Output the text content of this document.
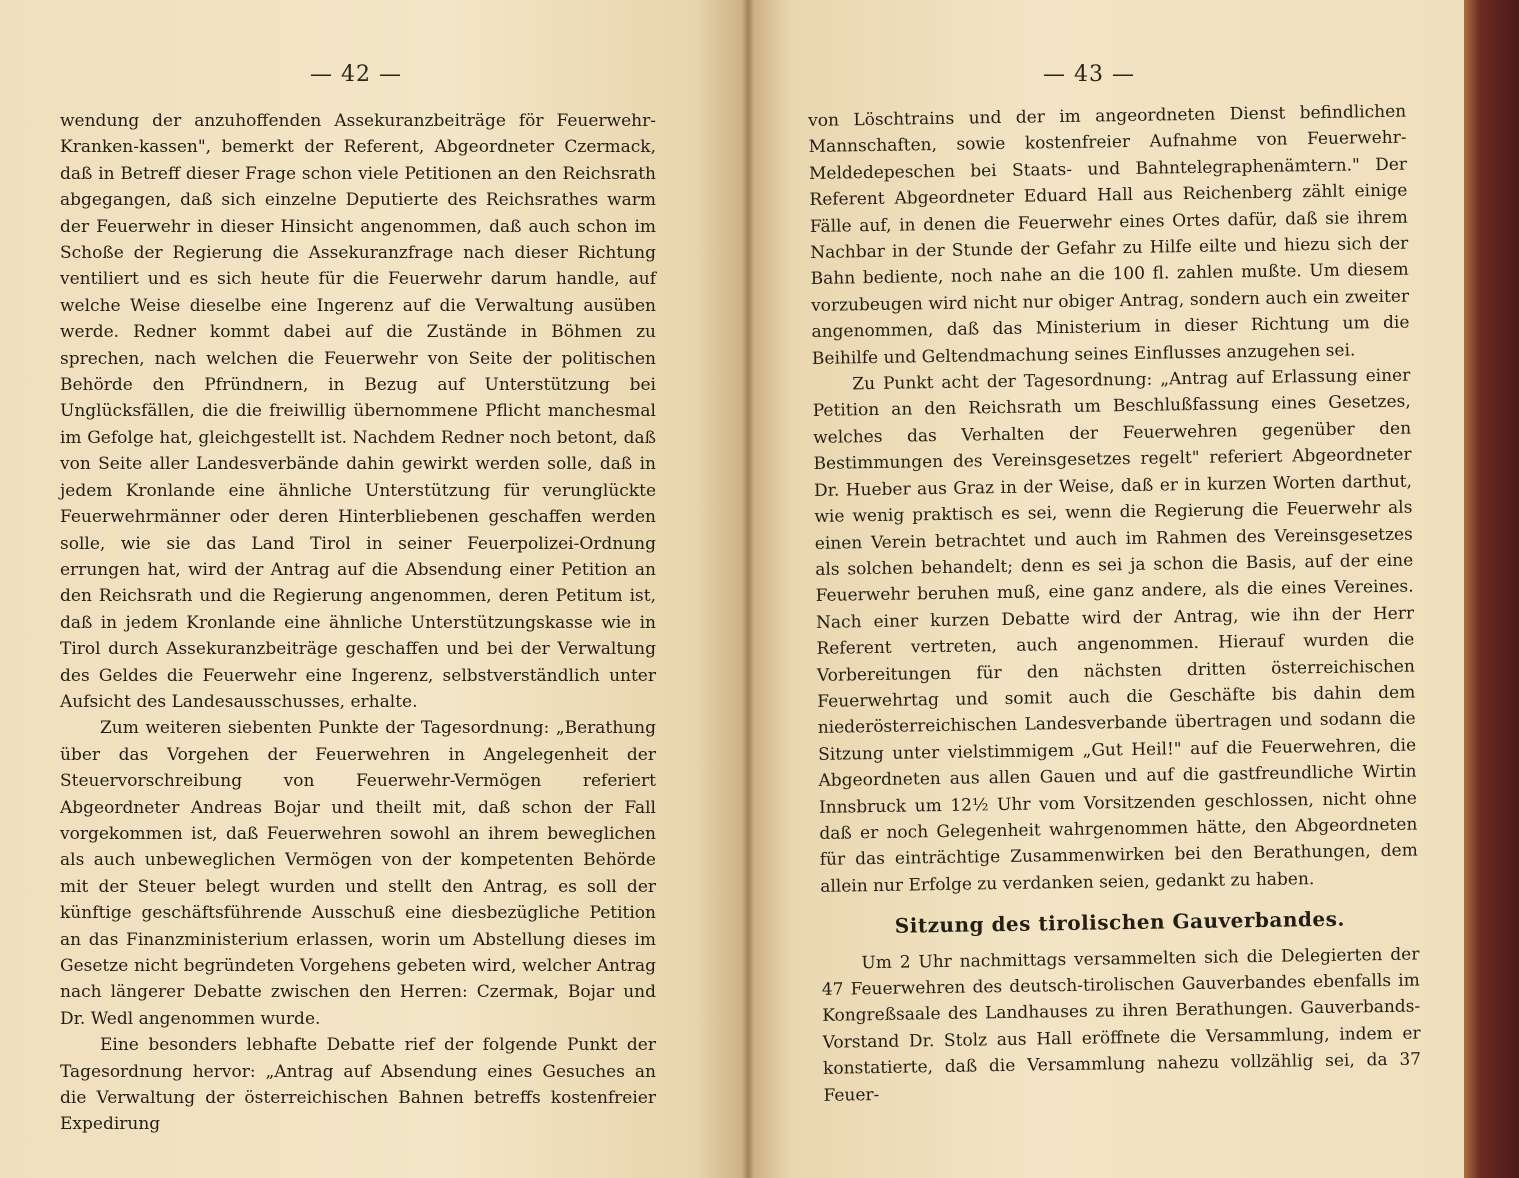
— 42 —

wendung der anzuhoffenden Assekuranzbeiträge för Feuerwehr-Kranken-kassen", bemerkt der Referent, Abgeordneter Czermack, daß in Betreff dieser Frage schon viele Petitionen an den Reichsrath abgegangen, daß sich einzelne Deputierte des Reichsrathes warm der Feuerwehr in dieser Hinsicht angenommen, daß auch schon im Schoße der Regierung die Assekuranzfrage nach dieser Richtung ventiliert und es sich heute für die Feuerwehr darum handle, auf welche Weise dieselbe eine Ingerenz auf die Verwaltung ausüben werde. Redner kommt dabei auf die Zustände in Böhmen zu sprechen, nach welchen die Feuerwehr von Seite der politischen Behörde den Pfründnern, in Bezug auf Unterstützung bei Unglücksfällen, die die freiwillig übernommene Pflicht manchesmal im Gefolge hat, gleichgestellt ist. Nachdem Redner noch betont, daß von Seite aller Landesverbände dahin gewirkt werden solle, daß in jedem Kronlande eine ähnliche Unterstützung für verunglückte Feuerwehrmänner oder deren Hinterbliebenen geschaffen werden solle, wie sie das Land Tirol in seiner Feuerpolizei-Ordnung errungen hat, wird der Antrag auf die Absendung einer Petition an den Reichsrath und die Regierung angenommen, deren Petitum ist, daß in jedem Kronlande eine ähnliche Unterstützungskasse wie in Tirol durch Assekuranzbeiträge geschaffen und bei der Verwaltung des Geldes die Feuerwehr eine Ingerenz, selbstverständlich unter Aufsicht des Landesausschusses, erhalte.

Zum weiteren siebenten Punkte der Tagesordnung: „Berathung über das Vorgehen der Feuerwehren in Angelegenheit der Steuervorschreibung von Feuerwehr-Vermögen referiert Abgeordneter Andreas Bojar und theilt mit, daß schon der Fall vorgekommen ist, daß Feuerwehren sowohl an ihrem beweglichen als auch unbeweglichen Vermögen von der kompetenten Behörde mit der Steuer belegt wurden und stellt den Antrag, es soll der künftige geschäftsführende Ausschuß eine diesbezügliche Petition an das Finanzministerium erlassen, worin um Abstellung dieses im Gesetze nicht begründeten Vorgehens gebeten wird, welcher Antrag nach längerer Debatte zwischen den Herren: Czermak, Bojar und Dr. Wedl angenommen wurde.

Eine besonders lebhafte Debatte rief der folgende Punkt der Tagesordnung hervor: „Antrag auf Absendung eines Gesuches an die Verwaltung der österreichischen Bahnen betreffs kostenfreier Expedirung

— 43 —

von Löschtrains und der im angeordneten Dienst befindlichen Mannschaften, sowie kostenfreier Aufnahme von Feuerwehr-Meldedepeschen bei Staats- und Bahntelegraphenämtern." Der Referent Abgeordneter Eduard Hall aus Reichenberg zählt einige Fälle auf, in denen die Feuerwehr eines Ortes dafür, daß sie ihrem Nachbar in der Stunde der Gefahr zu Hilfe eilte und hiezu sich der Bahn bediente, noch nahe an die 100 fl. zahlen mußte. Um diesem vorzubeugen wird nicht nur obiger Antrag, sondern auch ein zweiter angenommen, daß das Ministerium in dieser Richtung um die Beihilfe und Geltendmachung seines Einflusses anzugehen sei.

Zu Punkt acht der Tagesordnung: „Antrag auf Erlassung einer Petition an den Reichsrath um Beschlußfassung eines Gesetzes, welches das Verhalten der Feuerwehren gegenüber den Bestimmungen des Vereinsgesetzes regelt" referiert Abgeordneter Dr. Hueber aus Graz in der Weise, daß er in kurzen Worten darthut, wie wenig praktisch es sei, wenn die Regierung die Feuerwehr als einen Verein betrachtet und auch im Rahmen des Vereinsgesetzes als solchen behandelt; denn es sei ja schon die Basis, auf der eine Feuerwehr beruhen muß, eine ganz andere, als die eines Vereines. Nach einer kurzen Debatte wird der Antrag, wie ihn der Herr Referent vertreten, auch angenommen. Hierauf wurden die Vorbereitungen für den nächsten dritten österreichischen Feuerwehrtag und somit auch die Geschäfte bis dahin dem niederösterreichischen Landesverbande übertragen und sodann die Sitzung unter vielstimmigem „Gut Heil!" auf die Feuerwehren, die Abgeordneten aus allen Gauen und auf die gastfreundliche Wirtin Innsbruck um 12½ Uhr vom Vorsitzenden geschlossen, nicht ohne daß er noch Gelegenheit wahrgenommen hätte, den Abgeordneten für das einträchtige Zusammenwirken bei den Berathungen, dem allein nur Erfolge zu verdanken seien, gedankt zu haben.

Sitzung des tirolischen Gauverbandes.

Um 2 Uhr nachmittags versammelten sich die Delegierten der 47 Feuerwehren des deutsch-tirolischen Gauverbandes ebenfalls im Kongreßsaale des Landhauses zu ihren Berathungen. Gauverbands-Vorstand Dr. Stolz aus Hall eröffnete die Versammlung, indem er konstatierte, daß die Versammlung nahezu vollzählig sei, da 37 Feuer-
